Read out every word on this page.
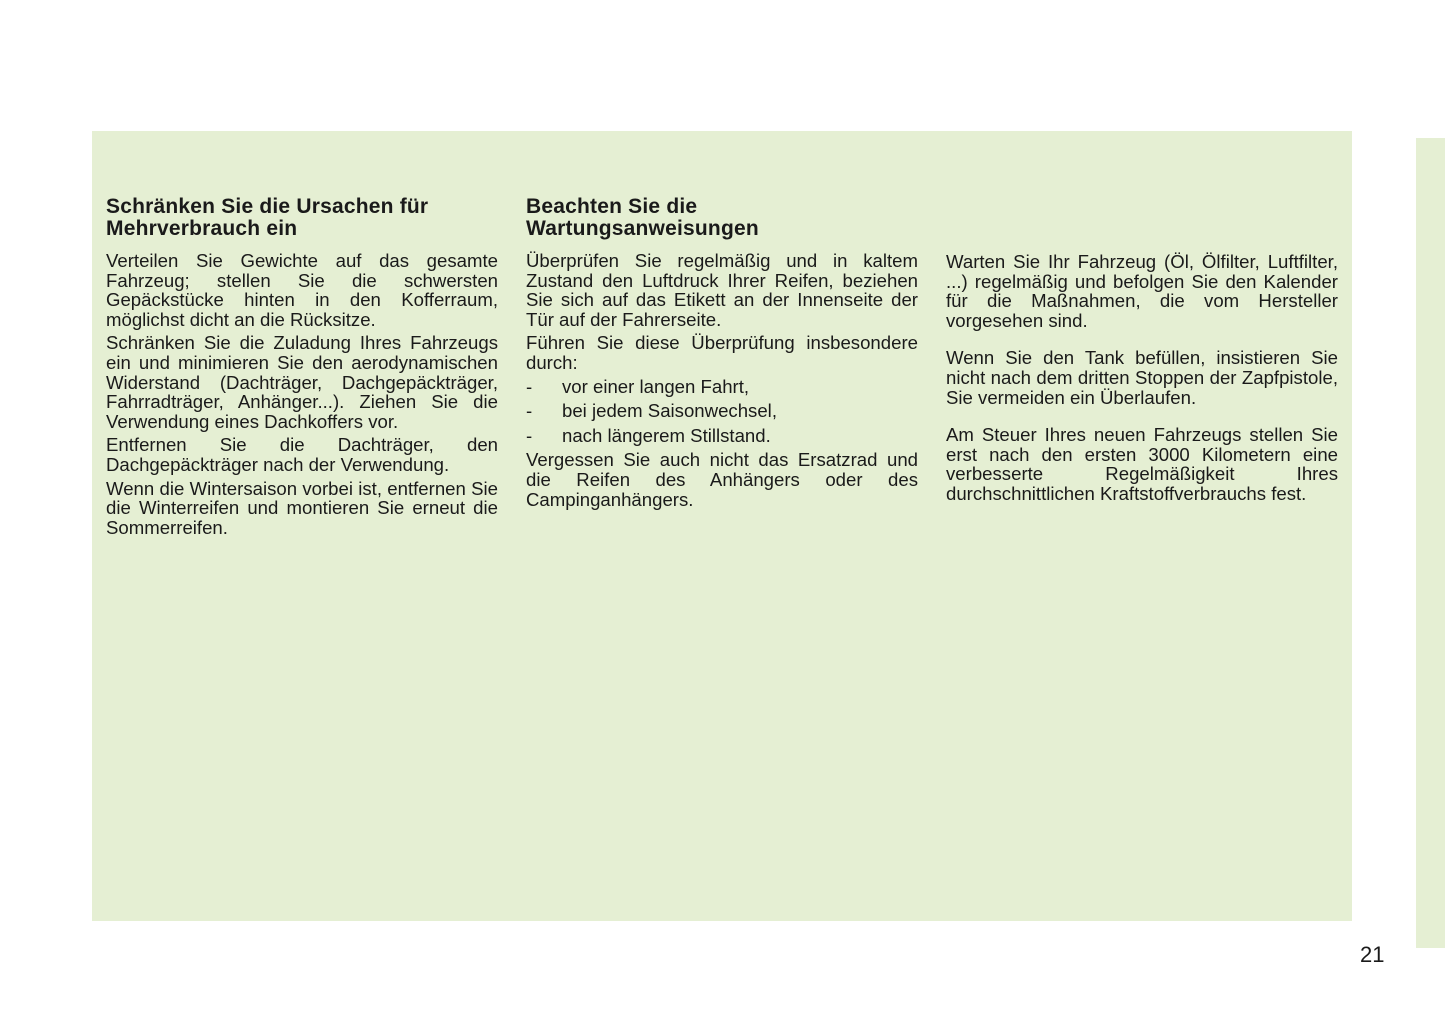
Schränken Sie die Ursachen für Mehrverbrauch ein

Verteilen Sie Gewichte auf das gesamte Fahrzeug; stellen Sie die schwersten Gepäckstücke hinten in den Kofferraum, möglichst dicht an die Rücksitze.

Schränken Sie die Zuladung Ihres Fahrzeugs ein und minimieren Sie den aerodynamischen Widerstand (Dachträger, Dachgepäckträger, Fahrradträger, Anhänger...). Ziehen Sie die Verwendung eines Dachkoffers vor.

Entfernen Sie die Dachträger, den Dachgepäckträger nach der Verwendung.

Wenn die Wintersaison vorbei ist, entfernen Sie die Winterreifen und montieren Sie erneut die Sommerreifen.

Beachten Sie die Wartungsanweisungen

Überprüfen Sie regelmäßig und in kaltem Zustand den Luftdruck Ihrer Reifen, beziehen Sie sich auf das Etikett an der Innenseite der Tür auf der Fahrerseite.

Führen Sie diese Überprüfung insbesondere durch:

- vor einer langen Fahrt,
- bei jedem Saisonwechsel,
- nach längerem Stillstand.

Vergessen Sie auch nicht das Ersatzrad und die Reifen des Anhängers oder des Campinganhängers.

Warten Sie Ihr Fahrzeug (Öl, Ölfilter, Luftfilter, ...) regelmäßig und befolgen Sie den Kalender für die Maßnahmen, die vom Hersteller vorgesehen sind.

Wenn Sie den Tank befüllen, insistieren Sie nicht nach dem dritten Stoppen der Zapfpistole, Sie vermeiden ein Überlaufen.

Am Steuer Ihres neuen Fahrzeugs stellen Sie erst nach den ersten 3000 Kilometern eine verbesserte Regelmäßigkeit Ihres durchschnittlichen Kraftstoffverbrauchs fest.

21
